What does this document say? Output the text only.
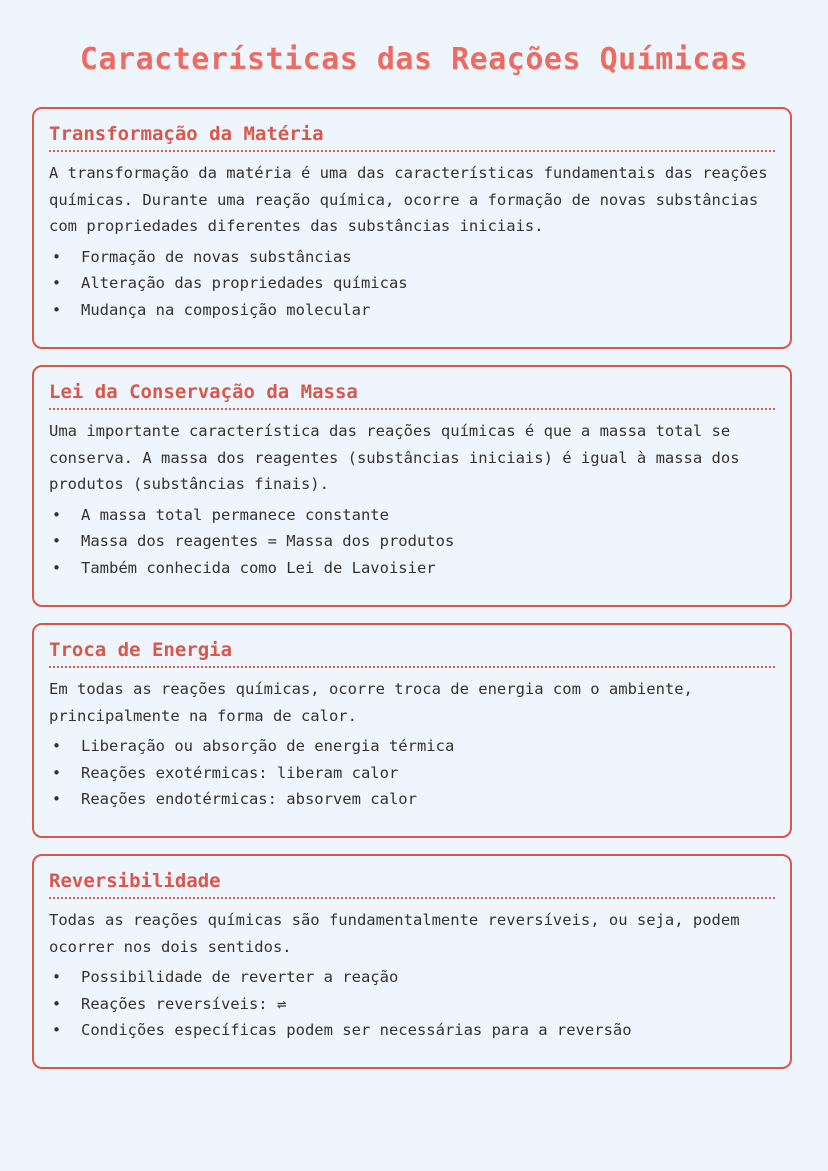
Características das Reações Químicas
Transformação da Matéria

A transformação da matéria é uma das características fundamentais das reações químicas. Durante uma reação química, ocorre a formação de novas substâncias com propriedades diferentes das substâncias iniciais.

• Formação de novas substâncias
• Alteração das propriedades químicas
• Mudança na composição molecular
Lei da Conservação da Massa

Uma importante característica das reações químicas é que a massa total se conserva. A massa dos reagentes (substâncias iniciais) é igual à massa dos produtos (substâncias finais).

• A massa total permanece constante
• Massa dos reagentes = Massa dos produtos
• Também conhecida como Lei de Lavoisier
Troca de Energia

Em todas as reações químicas, ocorre troca de energia com o ambiente, principalmente na forma de calor.

• Liberação ou absorção de energia térmica
• Reações exotérmicas: liberam calor
• Reações endotérmicas: absorvem calor
Reversibilidade

Todas as reações químicas são fundamentalmente reversíveis, ou seja, podem ocorrer nos dois sentidos.

• Possibilidade de reverter a reação
• Reações reversíveis: ⇌
• Condições específicas podem ser necessárias para a reversão
